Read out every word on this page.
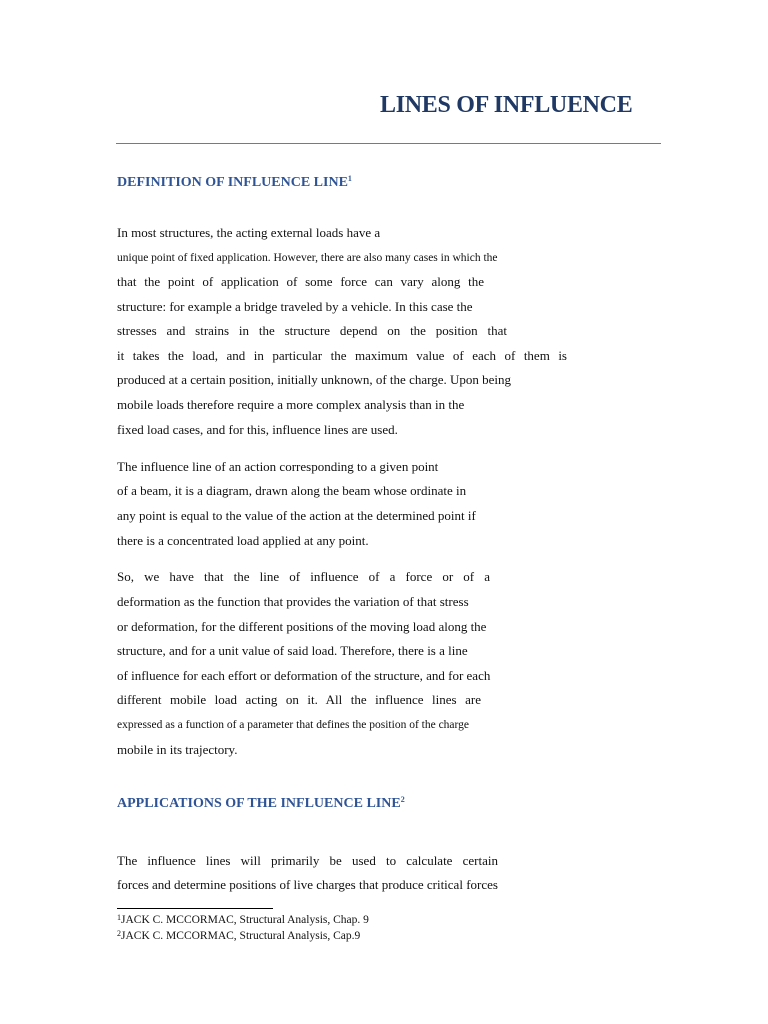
LINES OF INFLUENCE
DEFINITION OF INFLUENCE LINE$^1$
In most structures, the acting external loads have a
unique point of fixed application. However, there are also many cases in which the
that the point of application of some force can vary along the
structure: for example a bridge traveled by a vehicle. In this case the
stresses and strains in the structure depend on the position that
it takes the load, and in particular the maximum value of each of them is
produced at a certain position, initially unknown, of the charge. Upon being
mobile loads therefore require a more complex analysis than in the
fixed load cases, and for this, influence lines are used.
The influence line of an action corresponding to a given point
of a beam, it is a diagram, drawn along the beam whose ordinate in
any point is equal to the value of the action at the determined point if
there is a concentrated load applied at any point.
So, we have that the line of influence of a force or of a
deformation as the function that provides the variation of that stress
or deformation, for the different positions of the moving load along the
structure, and for a unit value of said load. Therefore, there is a line
of influence for each effort or deformation of the structure, and for each
different mobile load acting on it. All the influence lines are
expressed as a function of a parameter that defines the position of the charge
mobile in its trajectory.
APPLICATIONS OF THE INFLUENCE LINE$^2$
The influence lines will primarily be used to calculate certain
forces and determine positions of live charges that produce critical forces
$^1$JACK C. MCCORMAC, Structural Analysis, Chap. 9
$^2$JACK C. MCCORMAC, Structural Analysis, Cap.9
